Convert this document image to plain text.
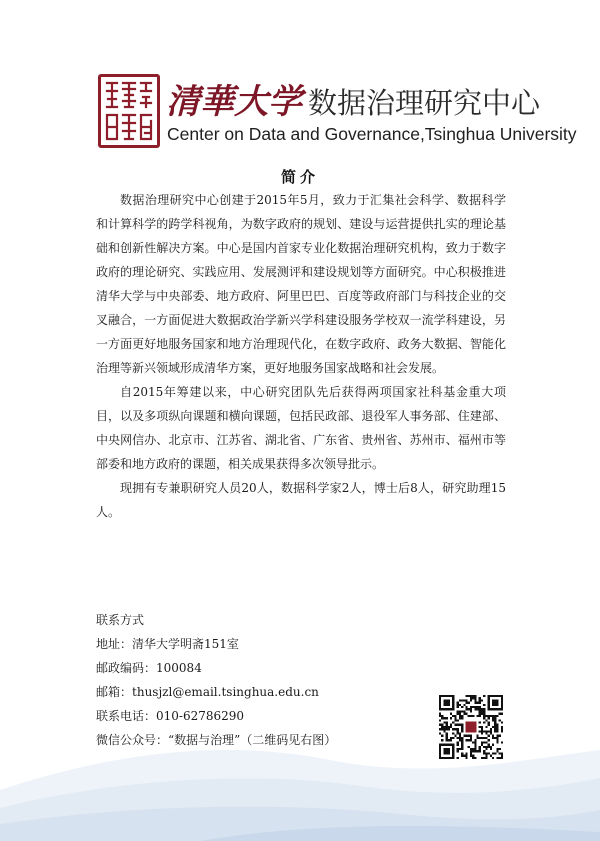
清華大学 数据治理研究中心
Center on Data and Governance,Tsinghua University
简介

数据治理研究中心创建于2015年5月，致力于汇集社会科学、数据科学和计算科学的跨学科视角，为数字政府的规划、建设与运营提供扎实的理论基础和创新性解决方案。中心是国内首家专业化数据治理研究机构，致力于数字政府的理论研究、实践应用、发展测评和建设规划等方面研究。中心积极推进清华大学与中央部委、地方政府、阿里巴巴、百度等政府部门与科技企业的交叉融合，一方面促进大数据政治学新兴学科建设服务学校双一流学科建设，另一方面更好地服务国家和地方治理现代化，在数字政府、政务大数据、智能化治理等新兴领域形成清华方案，更好地服务国家战略和社会发展。

自2015年筹建以来，中心研究团队先后获得两项国家社科基金重大项目，以及多项纵向课题和横向课题，包括民政部、退役军人事务部、住建部、中央网信办、北京市、江苏省、湖北省、广东省、贵州省、苏州市、福州市等部委和地方政府的课题，相关成果获得多次领导批示。

现拥有专兼职研究人员20人，数据科学家2人，博士后8人，研究助理15人。

联系方式
地址：清华大学明斋151室
邮政编码：100084
邮箱：thusjzl@email.tsinghua.edu.cn
联系电话：010-62786290
微信公众号：“数据与治理”（二维码见右图）
